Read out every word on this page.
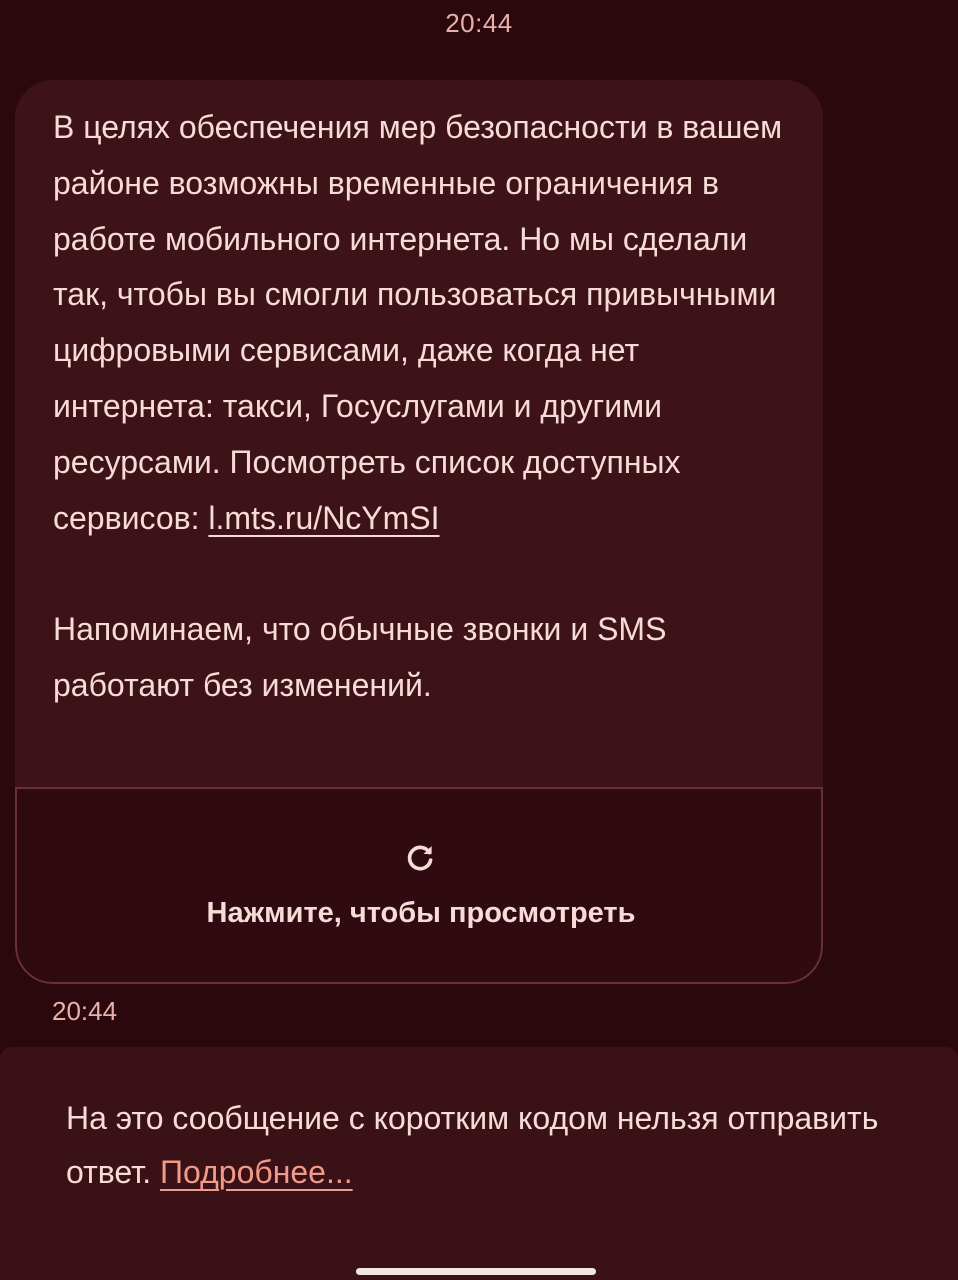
20:44

В целях обеспечения мер безопасности в вашем районе возможны временные ограничения в работе мобильного интернета. Но мы сделали так, чтобы вы смогли пользоваться привычными цифровыми сервисами, даже когда нет интернета: такси, Госуслугами и другими ресурсами. Посмотреть список доступных сервисов: l.mts.ru/NcYmSI

Напоминаем, что обычные звонки и SMS работают без изменений.

Нажмите, чтобы просмотреть
20:44
На это сообщение с коротким кодом нельзя отправить ответ. Подробнее...
